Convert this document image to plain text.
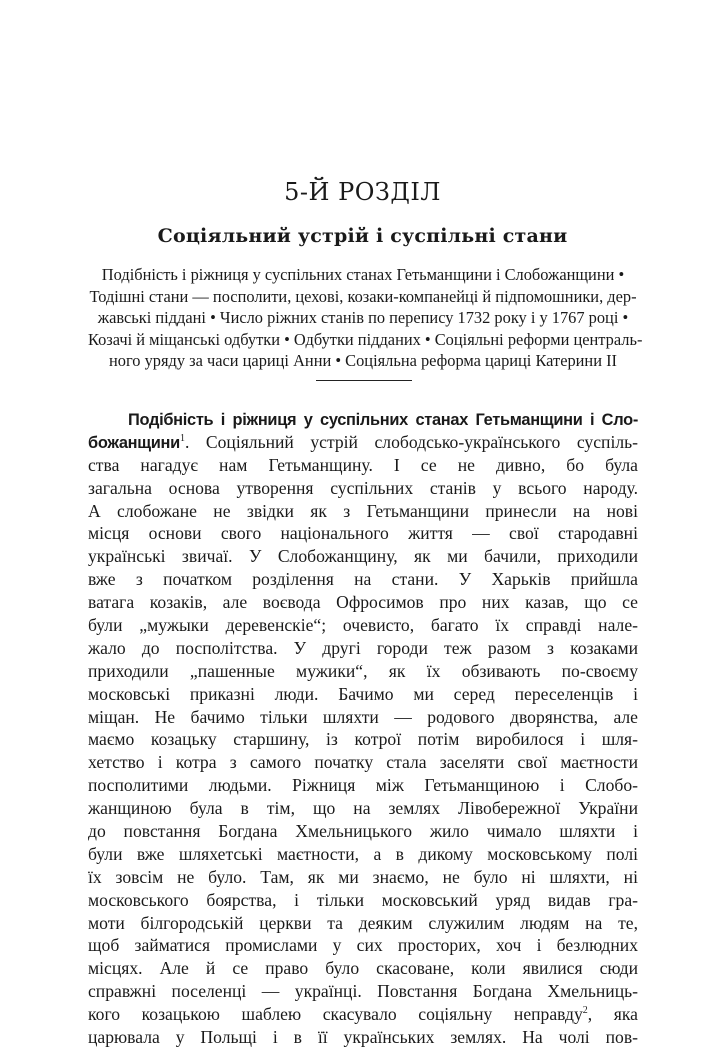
5-Й РОЗДІЛ
Соціяльний устрій і суспільні стани

Подібність і ріжниця у суспільних станах Гетьманщини і Слобожанщини •
Тодішні стани — посполити, цехові, козаки-компанейці й підпомошники, дер-
жавські піддані • Число ріжних станів по перепису 1732 року і у 1767 році •
Козачі й міщанські одбутки • Одбутки підданих • Соціяльні реформи централь-
ного уряду за часи цариці Анни • Соціяльна реформа цариці Катерини ІІ

Подібність і ріжниця у суспільних станах Гетьманщини і Сло-
божанщини$^1$. Соціяльний устрій слободсько-українського суспіль-
ства нагадує нам Гетьманщину. І се не дивно, бо була
загальна основа утворення суспільних станів у всього народу.
А слобожане не звідки як з Гетьманщини принесли на нові
місця основи свого національного життя — свої стародавні
українські звичаї. У Слобожанщину, як ми бачили, приходили
вже з початком розділення на стани. У Харьків прийшла
ватага козаків, але воєвода Офросимов про них казав, що се
були „мужыки деревенскіе“; очевисто, багато їх справді нале-
жало до посполітства. У другі городи теж разом з козаками
приходили „пашенные мужики“, як їх обзивають по-своєму
московські приказні люди. Бачимо ми серед переселенців і
міщан. Не бачимо тільки шляхти — родового дворянства, але
маємо козацьку старшину, із котрої потім виробилося і шля-
хетство і котра з самого початку стала заселяти свої маєтности
посполитими людьми. Ріжниця між Гетьманщиною і Слобо-
жанщиною була в тім, що на землях Лівобережної України
до повстання Богдана Хмельницького жило чимало шляхти і
були вже шляхетські маєтности, а в дикому московському полі
їх зовсім не було. Там, як ми знаємо, не було ні шляхти, ні
московського боярства, і тільки московський уряд видав гра-
моти білгородській церкви та деяким служилим людям на те,
щоб займатися промислами у сих просторих, хоч і безлюдних
місцях. Але й се право було скасоване, коли явилися сюди
справжні поселенці — українці. Повстання Богдана Хмельниць-
кого козацькою шаблею скасувало соціяльну неправду$^2$, яка
царювала у Польщі і в її українських землях. На чолі пов-
